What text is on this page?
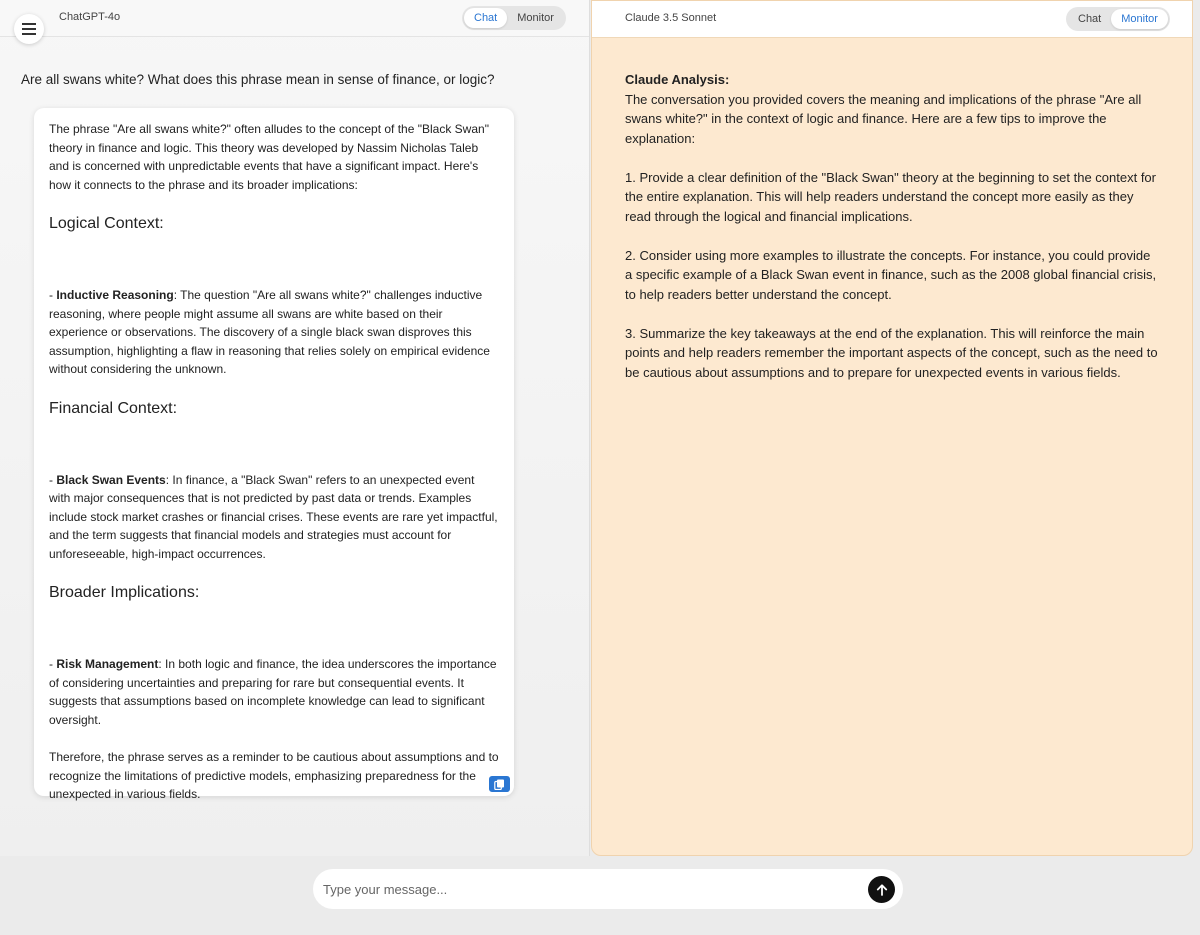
ChatGPT-4o	Chat	Monitor
Are all swans white? What does this phrase mean in sense of finance, or logic?

The phrase "Are all swans white?" often alludes to the concept of the "Black Swan" theory in finance and logic. This theory was developed by Nassim Nicholas Taleb and is concerned with unpredictable events that have a significant impact. Here's how it connects to the phrase and its broader implications:

Logical Context:

- Inductive Reasoning: The question "Are all swans white?" challenges inductive reasoning, where people might assume all swans are white based on their experience or observations. The discovery of a single black swan disproves this assumption, highlighting a flaw in reasoning that relies solely on empirical evidence without considering the unknown.

Financial Context:

- Black Swan Events: In finance, a "Black Swan" refers to an unexpected event with major consequences that is not predicted by past data or trends. Examples include stock market crashes or financial crises. These events are rare yet impactful, and the term suggests that financial models and strategies must account for unforeseeable, high-impact occurrences.

Broader Implications:

- Risk Management: In both logic and finance, the idea underscores the importance of considering uncertainties and preparing for rare but consequential events. It suggests that assumptions based on incomplete knowledge can lead to significant oversight.

Therefore, the phrase serves as a reminder to be cautious about assumptions and to recognize the limitations of predictive models, emphasizing preparedness for the unexpected in various fields.

Claude 3.5 Sonnet	Chat	Monitor
Claude Analysis:

The conversation you provided covers the meaning and implications of the phrase "Are all swans white?" in the context of logic and finance. Here are a few tips to improve the explanation:

1. Provide a clear definition of the "Black Swan" theory at the beginning to set the context for the entire explanation. This will help readers understand the concept more easily as they read through the logical and financial implications.

2. Consider using more examples to illustrate the concepts. For instance, you could provide a specific example of a Black Swan event in finance, such as the 2008 global financial crisis, to help readers better understand the concept.

3. Summarize the key takeaways at the end of the explanation. This will reinforce the main points and help readers remember the important aspects of the concept, such as the need to be cautious about assumptions and to prepare for unexpected events in various fields.

Type your message...
